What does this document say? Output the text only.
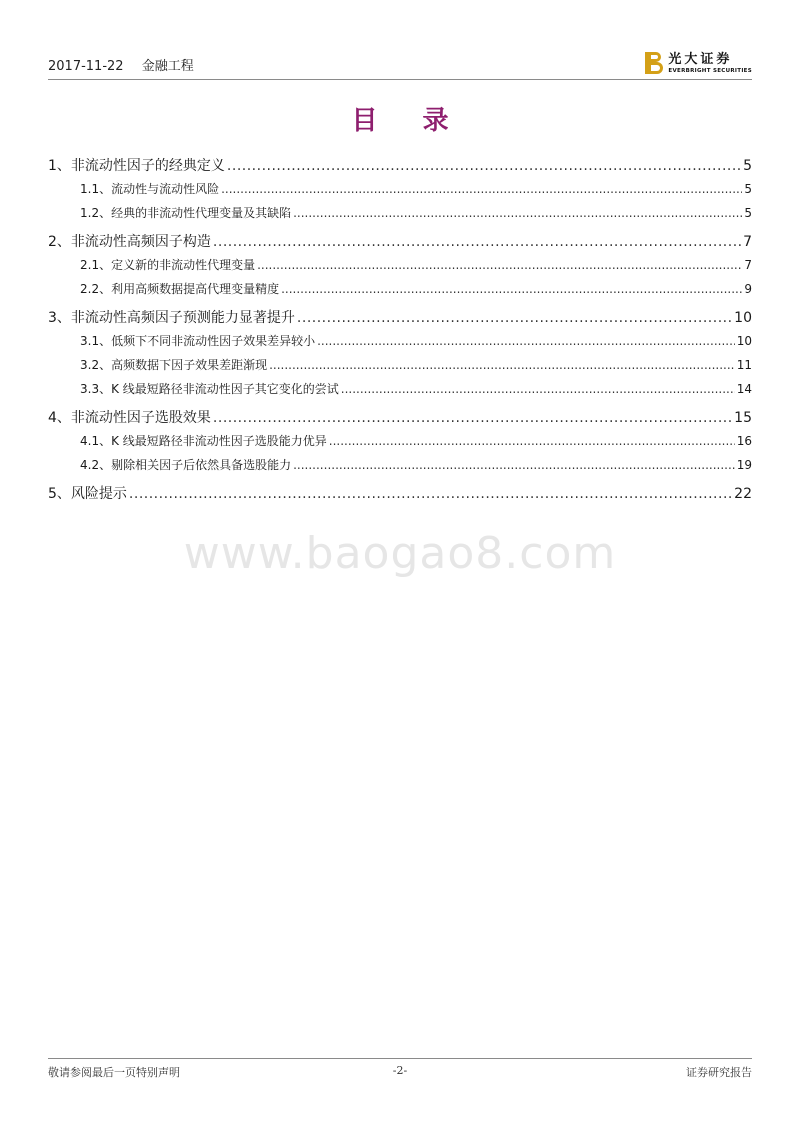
2017-11-22 金融工程	光大证券
EVERBRIGHT SECURITIES
目 录
1、 非流动性因子的经典定义 .....	5
1.1、 流动性与流动性风险 .....	5
1.2、 经典的非流动性代理变量及其缺陷 .....	5
2、 非流动性高频因子构造 .....	7
2.1、 定义新的非流动性代理变量 .....	7
2.2、 利用高频数据提高代理变量精度 .....	9
3、 非流动性高频因子预测能力显著提升 .....	10
3.1、 低频下不同非流动性因子效果差异较小 .....	10
3.2、 高频数据下因子效果差距渐现 .....	11
3.3、 K 线最短路径非流动性因子其它变化的尝试 .....	14
4、 非流动性因子选股效果 .....	15
4.1、 K 线最短路径非流动性因子选股能力优异 .....	16
4.2、 剔除相关因子后依然具备选股能力 .....	19
5、 风险提示 .....	22
www.baogao8.com
敬请参阅最后一页特别声明	-2-	证券研究报告
